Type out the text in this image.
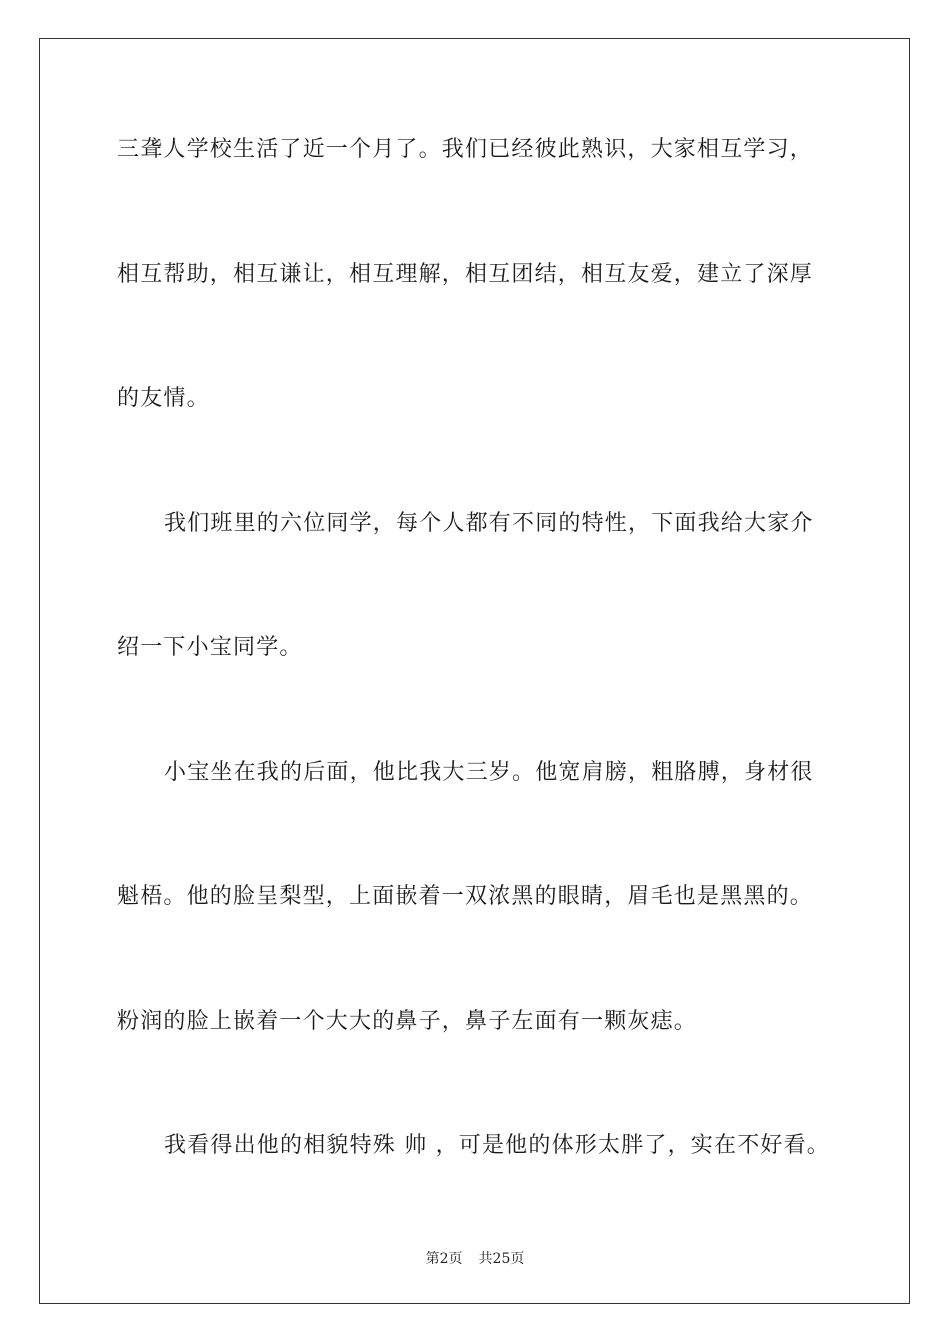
三聋人学校生活了近一个月了。我们已经彼此熟识，大家相互学习，
相互帮助，相互谦让，相互理解，相互团结，相互友爱，建立了深厚
的友情。
我们班里的六位同学，每个人都有不同的特性，下面我给大家介
绍一下小宝同学。
小宝坐在我的后面，他比我大三岁。他宽肩膀，粗胳膊，身材很
魁梧。他的脸呈梨型，上面嵌着一双浓黑的眼睛，眉毛也是黑黑的。
粉润的脸上嵌着一个大大的鼻子，鼻子左面有一颗灰痣。
我看得出他的相貌特殊 帅 ，可是他的体形太胖了，实在不好看。
第2页 共25页
